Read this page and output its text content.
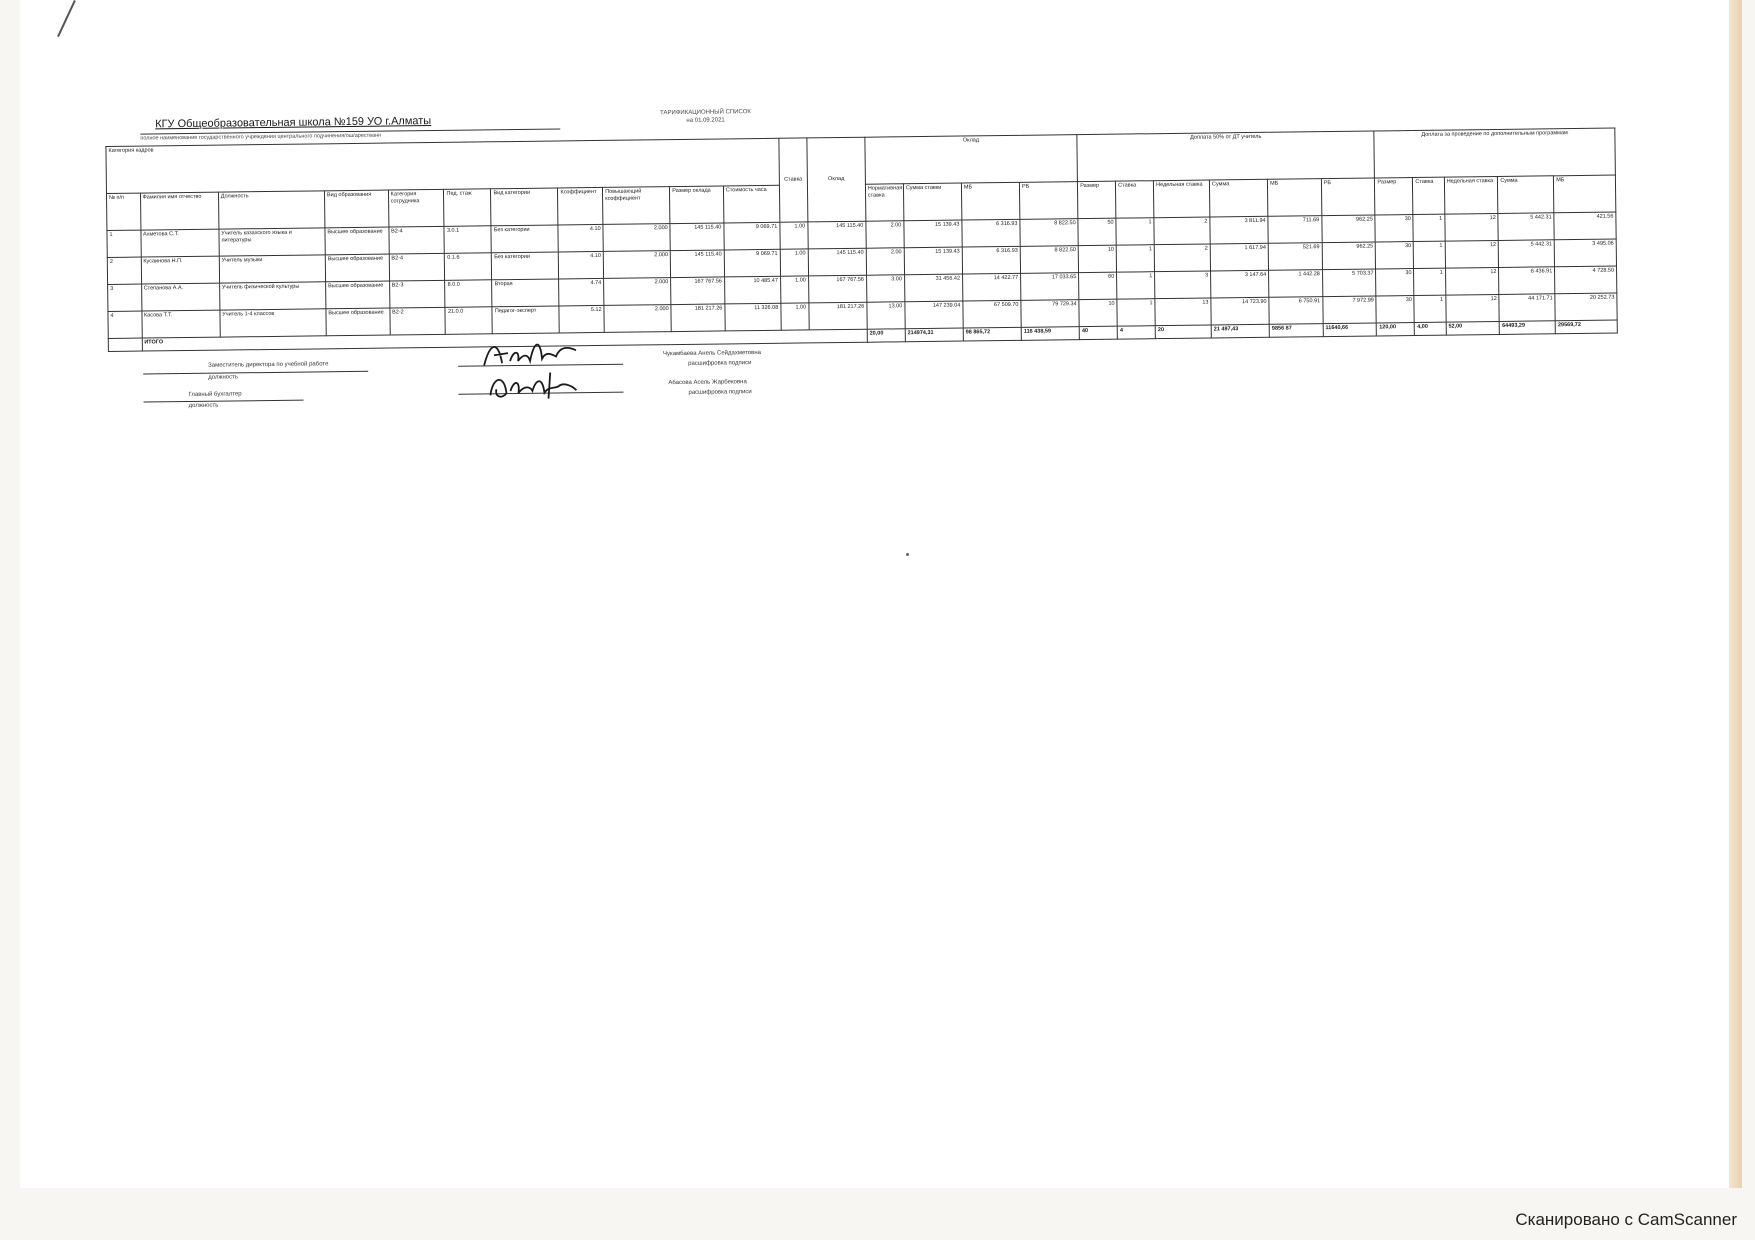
КГУ Общеобразовательная школа №159 УО г.Алматы
полное наименование государственного учреждения центрального подчинения/ош/арестванн
ТАРИФИКАЦИОННЫЙ СПИСОК
на 01.09.2021
Категория кадров											Ставка	Оклад	Оклад				Доплата 50% от ДТ учитель						Доплата за проведение по дополнительным программам				
№ п/п	Фамилия имя отчество	Должность	Вид образования	Категория сотрудника	Пед. стаж	Вид категории	Коэффициент	Повышающий коэффициент	Размер оклада	Стоимость часа			Нормативная ставка	Сумма ставки	МБ	РБ	Размер	Ставка	Недельная ставка	Сумма	МБ	РБ	Размер	Ставка	Недельная ставка	Сумма	МБ
1	Ахметова С.Т.	Учитель казахского языка и литературы	Высшее образование	В2-4	3.0.1	Без категории	4.10	2.000	145 115.40	9 069.71	1.00	145 115.40	2.00	15 139.43	6 316.93	8 822.50	50	1	2	3 811.94	711.69	962.25	30	1	12	5 442.31	421.56
2	Кусаинова Н.П.	Учитель музыки	Высшее образование	В2-4	0.1.6	Без категории	4.10	2.000	145 115.40	9 069.71	1.00	145 115.40	2.00	15 139.43	6 316.93	8 822.50	10	1	2	1 617.94	521.69	962.25	30	1	12	5 442.31	3 495.06
3	Степанова А.А.	Учитель физической культуры	Высшее образование	В2-3	8.0.0	Вторая	4.74	2.000	167 767.56	10 485.47	1.00	167 767.56	3.00	31 456.42	14 422.77	17 033.65	60	1	3	3 147.64	1 442.28	5 703.37	30	1	12	6 436.91	4 728.50
4	Касова Т.Т.	Учитель 1-4 классов	Высшее образование	В2-2	21.0.0	Педагог-эксперт	5.12	2.000	181 217.26	11 326.08	1.00	181 217.26	13.00	147 239.04	67 509.70	79 729.34	10	1	13	14 723.90	6 750.91	7 972.99	30	1	12	44 171.71	20 252.73
	ИТОГО												20,00	214974,31	98 865,72	116 438,59	40	4	20	21 497,43	9856 87	11640,66	120,00	4,00	52,00	64493,29	29569,72
Заместитель директора по учебной работе
должность
Чукамбаева Анель Сейдахметовна
расшифровка подписи
Главный бухгалтер
должность
Абасова Асель Жарбековна
расшифровка подписи
Сканировано с CamScanner
